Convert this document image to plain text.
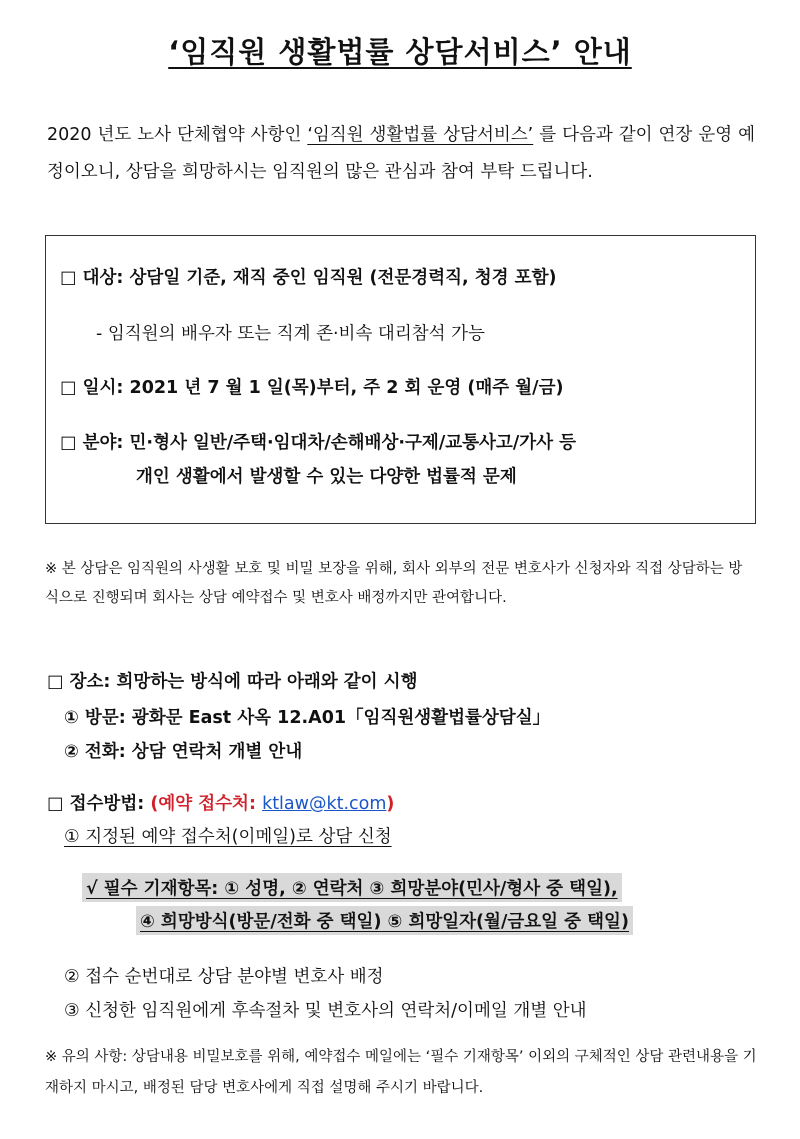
‘임직원 생활법률 상담서비스’ 안내
2020 년도 노사 단체협약 사항인 ‘임직원 생활법률 상담서비스’ 를 다음과 같이 연장 운영 예정이오니, 상담을 희망하시는 임직원의 많은 관심과 참여 부탁 드립니다.
□ 대상: 상담일 기준, 재직 중인 임직원 (전문경력직, 청경 포함)
- 임직원의 배우자 또는 직계 존·비속 대리참석 가능
□ 일시: 2021 년 7 월 1 일(목)부터, 주 2 회 운영 (매주 월/금)
□ 분야: 민·형사 일반/주택·임대차/손해배상·구제/교통사고/가사 등
개인 생활에서 발생할 수 있는 다양한 법률적 문제
※ 본 상담은 임직원의 사생활 보호 및 비밀 보장을 위해, 회사 외부의 전문 변호사가 신청자와 직접 상담하는 방식으로 진행되며 회사는 상담 예약접수 및 변호사 배정까지만 관여합니다.
□ 장소: 희망하는 방식에 따라 아래와 같이 시행
① 방문: 광화문 East 사옥 12.A01「임직원생활법률상담실」
② 전화: 상담 연락처 개별 안내
□ 접수방법: (예약 접수처: ktlaw@kt.com)
① 지정된 예약 접수처(이메일)로 상담 신청
√ 필수 기재항목: ① 성명, ② 연락처 ③ 희망분야(민사/형사 중 택일),
④ 희망방식(방문/전화 중 택일) ⑤ 희망일자(월/금요일 중 택일)
② 접수 순번대로 상담 분야별 변호사 배정
③ 신청한 임직원에게 후속절차 및 변호사의 연락처/이메일 개별 안내
※ 유의 사항: 상담내용 비밀보호를 위해, 예약접수 메일에는 ‘필수 기재항목’ 이외의 구체적인 상담 관련내용을 기재하지 마시고, 배정된 담당 변호사에게 직접 설명해 주시기 바랍니다.
